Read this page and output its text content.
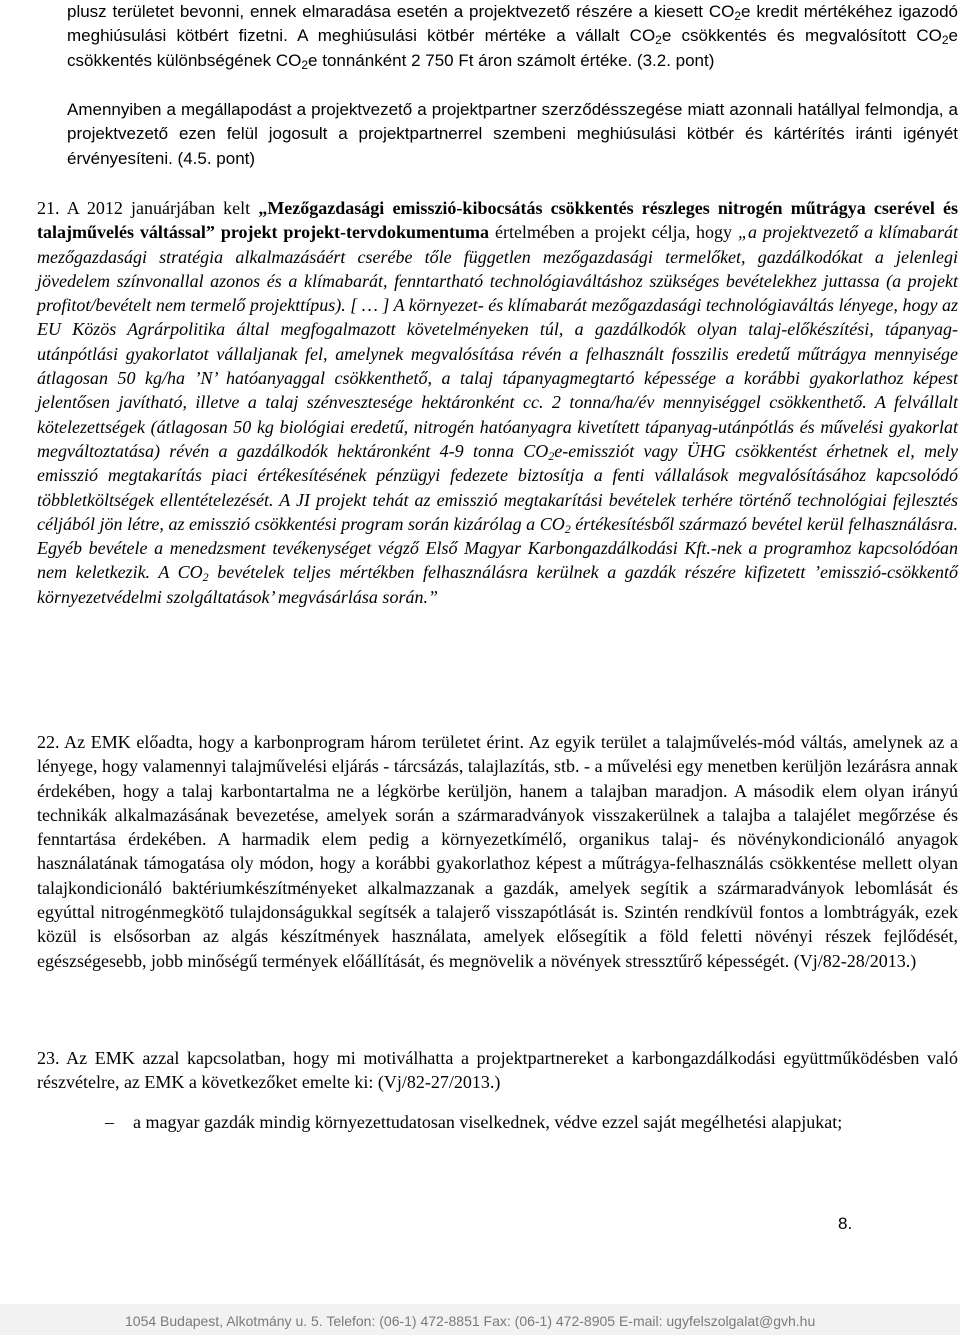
plusz területet bevonni, ennek elmaradása esetén a projektvezető részére a kiesett $CO_2e$ kredit mértékéhez igazodó meghiúsulási kötbért fizetni. A meghiúsulási kötbér mértéke a vállalt $CO_2e$ csökkentés és megvalósított $CO_2e$ csökkentés különbségének $CO_2e$ tonnánként 2 750 Ft áron számolt értéke. (3.2. pont)
Amennyiben a megállapodást a projektvezető a projektpartner szerződésszegése miatt azonnali hatállyal felmondja, a projektvezető ezen felül jogosult a projektpartnerrel szembeni meghiúsulási kötbér és kártérítés iránti igényét érvényesíteni. (4.5. pont)
21. A 2012 januárjában kelt „Mezőgazdasági emisszió-kibocsátás csökkentés részleges nitrogén műtrágya cserével és talajművelés váltással” projekt projekt-tervdokumentuma értelmében a projekt célja, hogy „a projektvezető a klímabarát mezőgazdasági stratégia alkalmazásáért cserébe tőle független mezőgazdasági termelőket, gazdálkodókat a jelenlegi jövedelem színvonallal azonos és a klímabarát, fenntartható technológiaváltáshoz szükséges bevételekhez juttassa (a projekt profitot/bevételt nem termelő projekttípus). [ … ] A környezet- és klímabarát mezőgazdasági technológiaváltás lényege, hogy az EU Közös Agrárpolitika által megfogalmazott követelményeken túl, a gazdálkodók olyan talaj-előkészítési, tápanyag-utánpótlási gyakorlatot vállaljanak fel, amelynek megvalósítása révén a felhasznált fosszilis eredetű műtrágya mennyisége átlagosan 50 kg/ha ’N’ hatóanyaggal csökkenthető, a talaj tápanyagmegtartó képessége a korábbi gyakorlathoz képest jelentősen javítható, illetve a talaj szénvesztesége hektáronként cc. 2 tonna/ha/év mennyiséggel csökkenthető. A felvállalt kötelezettségek (átlagosan 50 kg biológiai eredetű, nitrogén hatóanyagra kivetített tápanyag-utánpótlás és művelési gyakorlat megváltoztatása) révén a gazdálkodók hektáronként 4-9 tonna $CO_2e$-emissziót vagy ÜHG csökkentést érhetnek el, mely emisszió megtakarítás piaci értékesítésének pénzügyi fedezete biztosítja a fenti vállalások megvalósításához kapcsolódó többletköltségek ellentételezését. A JI projekt tehát az emisszió megtakarítási bevételek terhére történő technológiai fejlesztés céljából jön létre, az emisszió csökkentési program során kizárólag a $CO_2$ értékesítésből származó bevétel kerül felhasználásra. Egyéb bevétele a menedzsment tevékenységet végző Első Magyar Karbongazdálkodási Kft.-nek a programhoz kapcsolódóan nem keletkezik. A $CO_2$ bevételek teljes mértékben felhasználásra kerülnek a gazdák részére kifizetett ’emisszió-csökkentő környezetvédelmi szolgáltatások’ megvásárlása során.”
22. Az EMK előadta, hogy a karbonprogram három területet érint. Az egyik terület a talajművelés-mód váltás, amelynek az a lényege, hogy valamennyi talajművelési eljárás - tárcsázás, talajlazítás, stb. - a művelési egy menetben kerüljön lezárásra annak érdekében, hogy a talaj karbontartalma ne a légkörbe kerüljön, hanem a talajban maradjon. A második elem olyan irányú technikák alkalmazásának bevezetése, amelyek során a szármaradványok visszakerülnek a talajba a talajélet megőrzése és fenntartása érdekében. A harmadik elem pedig a környezetkímélő, organikus talaj- és növénykondicionáló anyagok használatának támogatása oly módon, hogy a korábbi gyakorlathoz képest a műtrágya-felhasználás csökkentése mellett olyan talajkondicionáló baktériumkészítményeket alkalmazzanak a gazdák, amelyek segítik a szármaradványok lebomlását és egyúttal nitrogénmegkötő tulajdonságukkal segítsék a talajerő visszapótlását is. Szintén rendkívül fontos a lombtrágyák, ezek közül is elsősorban az algás készítmények használata, amelyek elősegítik a föld feletti növényi részek fejlődését, egészségesebb, jobb minőségű termények előállítását, és megnövelik a növények stressztűrő képességét. (Vj/82-28/2013.)
23. Az EMK azzal kapcsolatban, hogy mi motiválhatta a projektpartnereket a karbongazdálkodási együttműködésben való részvételre, az EMK a következőket emelte ki: (Vj/82-27/2013.)
– a magyar gazdák mindig környezettudatosan viselkednek, védve ezzel saját megélhetési alapjukat;
8.
1054 Budapest, Alkotmány u. 5. Telefon: (06-1) 472-8851 Fax: (06-1) 472-8905 E-mail: ugyfelszolgalat@gvh.hu
